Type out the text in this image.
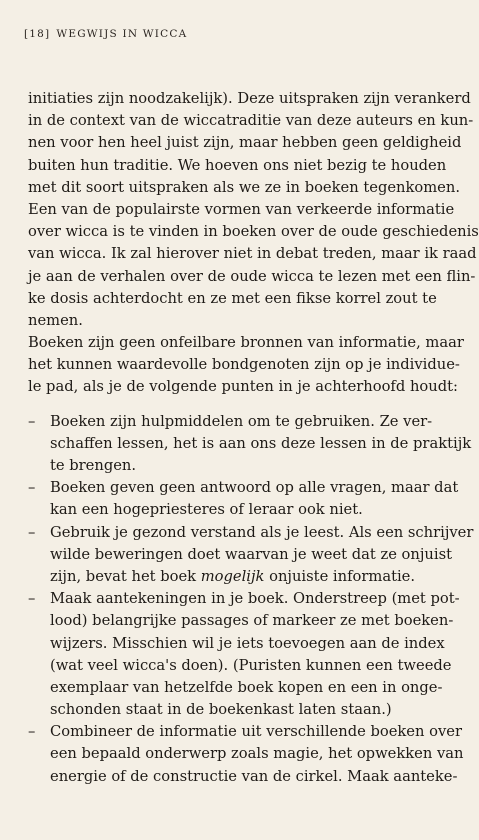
[18] WEGWIJS IN WICCA
initiaties zijn noodzakelijk). Deze uitspraken zijn verankerd
in de context van de wiccatraditie van deze auteurs en kun-
nen voor hen heel juist zijn, maar hebben geen geldigheid
buiten hun traditie. We hoeven ons niet bezig te houden
met dit soort uitspraken als we ze in boeken tegenkomen.
Een van de populairste vormen van verkeerde informatie
over wicca is te vinden in boeken over de oude geschiedenis
van wicca. Ik zal hierover niet in debat treden, maar ik raad
je aan de verhalen over de oude wicca te lezen met een flin-
ke dosis achterdocht en ze met een fikse korrel zout te
nemen.
Boeken zijn geen onfeilbare bronnen van informatie, maar
het kunnen waardevolle bondgenoten zijn op je individue-
le pad, als je de volgende punten in je achterhoofd houdt:
– Boeken zijn hulpmiddelen om te gebruiken. Ze ver-
schaffen lessen, het is aan ons deze lessen in de praktijk
te brengen.
– Boeken geven geen antwoord op alle vragen, maar dat
kan een hogepriesteres of leraar ook niet.
– Gebruik je gezond verstand als je leest. Als een schrijver
wilde beweringen doet waarvan je weet dat ze onjuist
zijn, bevat het boek mogelijk onjuiste informatie.
– Maak aantekeningen in je boek. Onderstreep (met pot-
lood) belangrijke passages of markeer ze met boeken-
wijzers. Misschien wil je iets toevoegen aan de index
(wat veel wicca's doen). (Puristen kunnen een tweede
exemplaar van hetzelfde boek kopen en een in onge-
schonden staat in de boekenkast laten staan.)
– Combineer de informatie uit verschillende boeken over
een bepaald onderwerp zoals magie, het opwekken van
energie of de constructie van de cirkel. Maak aanteke-
